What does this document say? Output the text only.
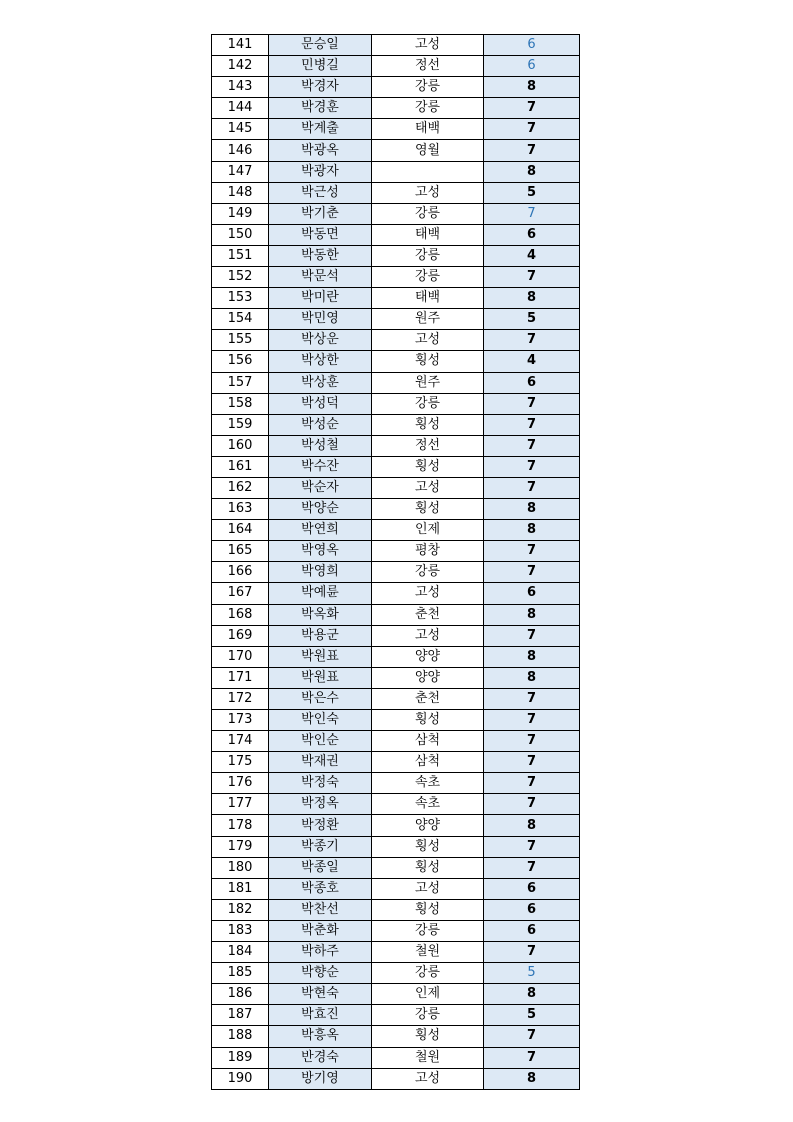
141	문승일	고성	6
142	민병길	정선	6
143	박경자	강릉	8
144	박경훈	강릉	7
145	박계출	태백	7
146	박광옥	영월	7
147	박광자		8
148	박근성	고성	5
149	박기춘	강릉	7
150	박동면	태백	6
151	박동한	강릉	4
152	박문석	강릉	7
153	박미란	태백	8
154	박민영	원주	5
155	박상운	고성	7
156	박상한	횡성	4
157	박상훈	원주	6
158	박성덕	강릉	7
159	박성순	횡성	7
160	박성철	정선	7
161	박수잔	횡성	7
162	박순자	고성	7
163	박양순	횡성	8
164	박연희	인제	8
165	박영옥	평창	7
166	박영희	강릉	7
167	박예륜	고성	6
168	박옥화	춘천	8
169	박용군	고성	7
170	박원표	양양	8
171	박원표	양양	8
172	박은수	춘천	7
173	박인숙	횡성	7
174	박인순	삼척	7
175	박재권	삼척	7
176	박정숙	속초	7
177	박정옥	속초	7
178	박정환	양양	8
179	박종기	횡성	7
180	박종일	횡성	7
181	박종호	고성	6
182	박찬선	횡성	6
183	박춘화	강릉	6
184	박하주	철원	7
185	박향순	강릉	5
186	박현숙	인제	8
187	박효진	강릉	5
188	박흥옥	횡성	7
189	반경숙	철원	7
190	방기영	고성	8
